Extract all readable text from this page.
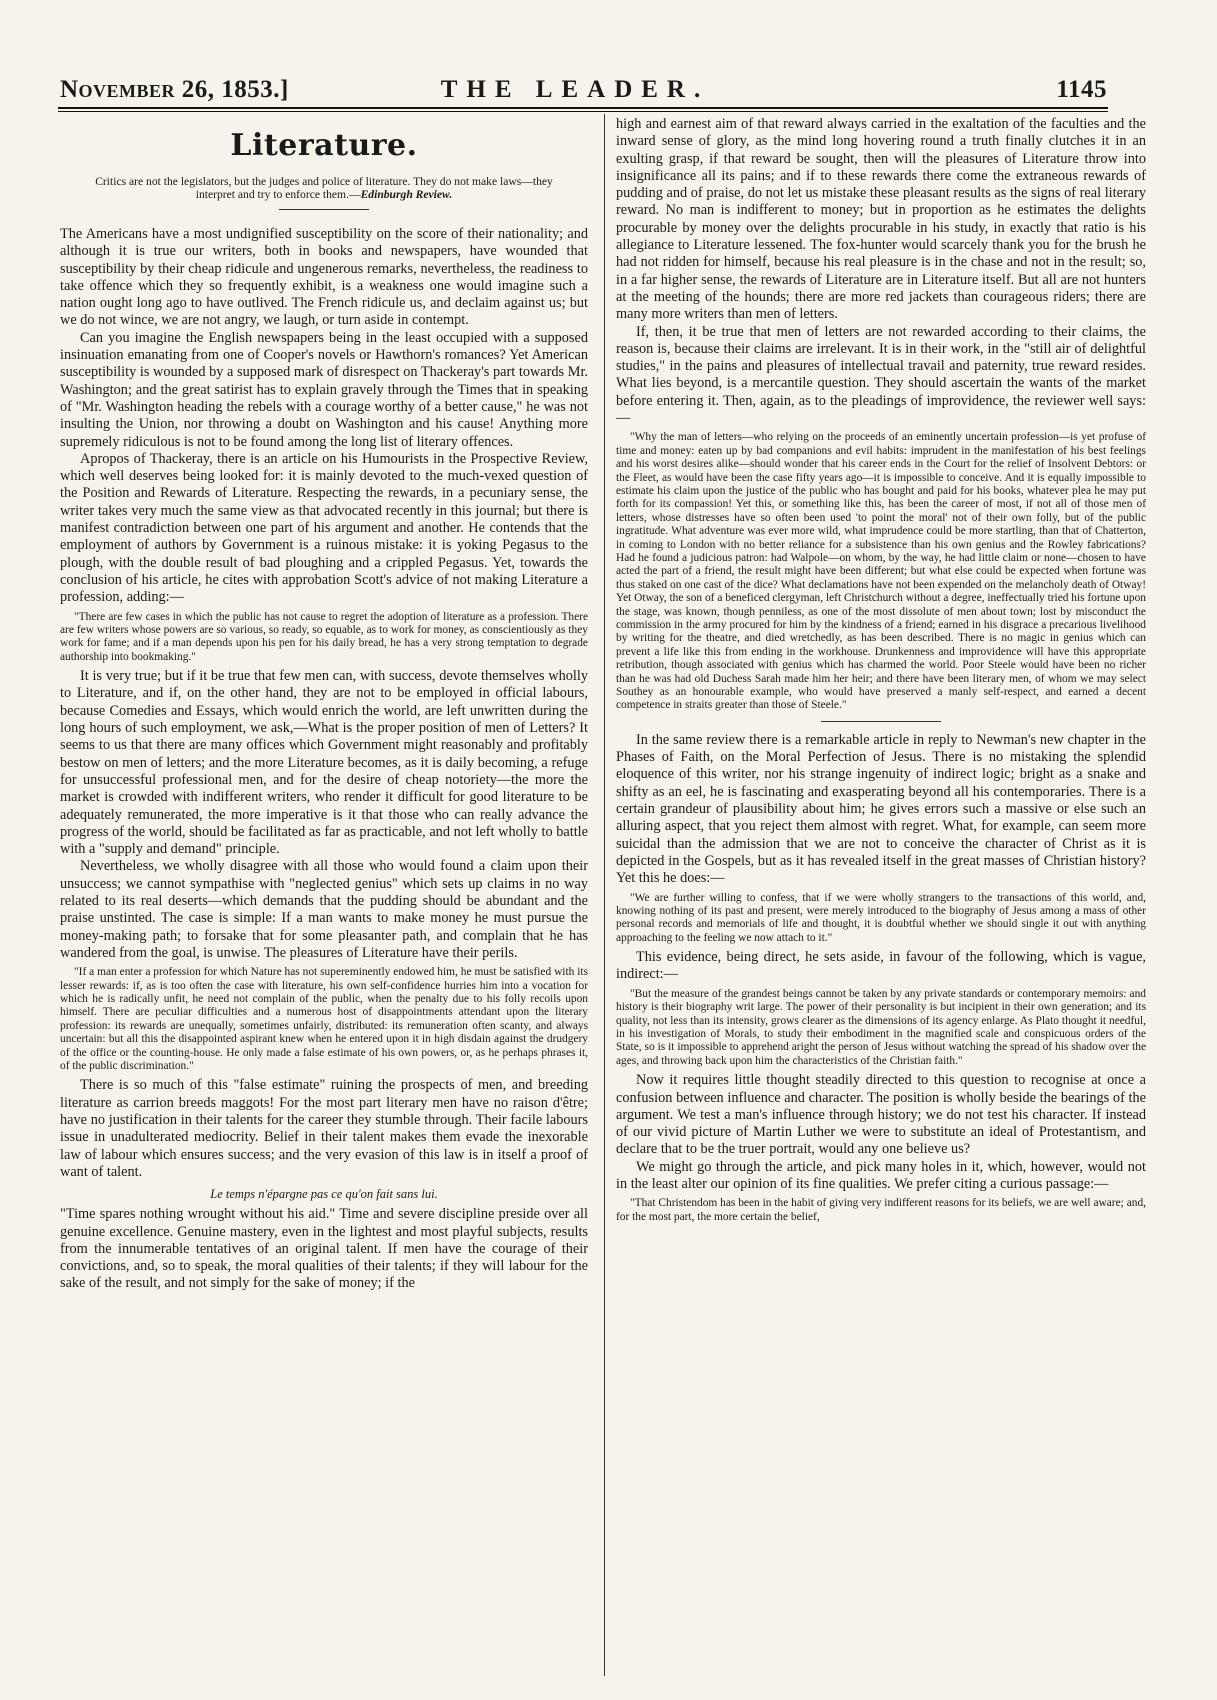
November 26, 1853.]	THE LEADER.	1145
Literature.
Critics are not the legislators, but the judges and police of literature. They do not make laws—they interpret and try to enforce them.—Edinburgh Review.

The Americans have a most undignified susceptibility on the score of their nationality; and although it is true our writers, both in books and newspapers, have wounded that susceptibility by their cheap ridicule and ungenerous remarks, nevertheless, the readiness to take offence which they so frequently exhibit, is a weakness one would imagine such a nation ought long ago to have outlived. The French ridicule us, and declaim against us; but we do not wince, we are not angry, we laugh, or turn aside in contempt.

Can you imagine the English newspapers being in the least occupied with a supposed insinuation emanating from one of Cooper's novels or Hawthorn's romances? Yet American susceptibility is wounded by a supposed mark of disrespect on Thackeray's part towards Mr. Washington; and the great satirist has to explain gravely through the Times that in speaking of "Mr. Washington heading the rebels with a courage worthy of a better cause," he was not insulting the Union, nor throwing a doubt on Washington and his cause! Anything more supremely ridiculous is not to be found among the long list of literary offences.

Apropos of Thackeray, there is an article on his Humourists in the Prospective Review, which well deserves being looked for: it is mainly devoted to the much-vexed question of the Position and Rewards of Literature. Respecting the rewards, in a pecuniary sense, the writer takes very much the same view as that advocated recently in this journal; but there is manifest contradiction between one part of his argument and another. He contends that the employment of authors by Government is a ruinous mistake: it is yoking Pegasus to the plough, with the double result of bad ploughing and a crippled Pegasus. Yet, towards the conclusion of his article, he cites with approbation Scott's advice of not making Literature a profession, adding:—

"There are few cases in which the public has not cause to regret the adoption of literature as a profession. There are few writers whose powers are so various, so ready, so equable, as to work for money, as conscientiously as they work for fame; and if a man depends upon his pen for his daily bread, he has a very strong temptation to degrade authorship into bookmaking."

It is very true; but if it be true that few men can, with success, devote themselves wholly to Literature, and if, on the other hand, they are not to be employed in official labours, because Comedies and Essays, which would enrich the world, are left unwritten during the long hours of such employment, we ask,—What is the proper position of men of Letters? It seems to us that there are many offices which Government might reasonably and profitably bestow on men of letters; and the more Literature becomes, as it is daily becoming, a refuge for unsuccessful professional men, and for the desire of cheap notoriety—the more the market is crowded with indifferent writers, who render it difficult for good literature to be adequately remunerated, the more imperative is it that those who can really advance the progress of the world, should be facilitated as far as practicable, and not left wholly to battle with a "supply and demand" principle.

Nevertheless, we wholly disagree with all those who would found a claim upon their unsuccess; we cannot sympathise with "neglected genius" which sets up claims in no way related to its real deserts—which demands that the pudding should be abundant and the praise unstinted. The case is simple: If a man wants to make money he must pursue the money-making path; to forsake that for some pleasanter path, and complain that he has wandered from the goal, is unwise. The pleasures of Literature have their perils.

"If a man enter a profession for which Nature has not supereminently endowed him, he must be satisfied with its lesser rewards: if, as is too often the case with literature, his own self-confidence hurries him into a vocation for which he is radically unfit, he need not complain of the public, when the penalty due to his folly recoils upon himself. There are peculiar difficulties and a numerous host of disappointments attendant upon the literary profession: its rewards are unequally, sometimes unfairly, distributed: its remuneration often scanty, and always uncertain: but all this the disappointed aspirant knew when he entered upon it in high disdain against the drudgery of the office or the counting-house. He only made a false estimate of his own powers, or, as he perhaps phrases it, of the public discrimination."

There is so much of this "false estimate" ruining the prospects of men, and breeding literature as carrion breeds maggots! For the most part literary men have no raison d'être; have no justification in their talents for the career they stumble through. Their facile labours issue in unadulterated mediocrity. Belief in their talent makes them evade the inexorable law of labour which ensures success; and the very evasion of this law is in itself a proof of want of talent.

Le temps n'épargne pas ce qu'on fait sans lui.

"Time spares nothing wrought without his aid." Time and severe discipline preside over all genuine excellence. Genuine mastery, even in the lightest and most playful subjects, results from the innumerable tentatives of an original talent. If men have the courage of their convictions, and, so to speak, the moral qualities of their talents; if they will labour for the sake of the result, and not simply for the sake of money; if the

high and earnest aim of that reward always carried in the exaltation of the faculties and the inward sense of glory, as the mind long hovering round a truth finally clutches it in an exulting grasp, if that reward be sought, then will the pleasures of Literature throw into insignificance all its pains; and if to these rewards there come the extraneous rewards of pudding and of praise, do not let us mistake these pleasant results as the signs of real literary reward. No man is indifferent to money; but in proportion as he estimates the delights procurable by money over the delights procurable in his study, in exactly that ratio is his allegiance to Literature lessened. The fox-hunter would scarcely thank you for the brush he had not ridden for himself, because his real pleasure is in the chase and not in the result; so, in a far higher sense, the rewards of Literature are in Literature itself. But all are not hunters at the meeting of the hounds; there are more red jackets than courageous riders; there are many more writers than men of letters.

If, then, it be true that men of letters are not rewarded according to their claims, the reason is, because their claims are irrelevant. It is in their work, in the "still air of delightful studies," in the pains and pleasures of intellectual travail and paternity, true reward resides. What lies beyond, is a mercantile question. They should ascertain the wants of the market before entering it. Then, again, as to the pleadings of improvidence, the reviewer well says:—

"Why the man of letters—who relying on the proceeds of an eminently uncertain profession—is yet profuse of time and money: eaten up by bad companions and evil habits: imprudent in the manifestation of his best feelings and his worst desires alike—should wonder that his career ends in the Court for the relief of Insolvent Debtors: or the Fleet, as would have been the case fifty years ago—it is impossible to conceive. And it is equally impossible to estimate his claim upon the justice of the public who has bought and paid for his books, whatever plea he may put forth for its compassion! Yet this, or something like this, has been the career of most, if not all of those men of letters, whose distresses have so often been used 'to point the moral' not of their own folly, but of the public ingratitude. What adventure was ever more wild, what imprudence could be more startling, than that of Chatterton, in coming to London with no better reliance for a subsistence than his own genius and the Rowley fabrications? Had he found a judicious patron: had Walpole—on whom, by the way, he had little claim or none—chosen to have acted the part of a friend, the result might have been different; but what else could be expected when fortune was thus staked on one cast of the dice? What declamations have not been expended on the melancholy death of Otway! Yet Otway, the son of a beneficed clergyman, left Christchurch without a degree, ineffectually tried his fortune upon the stage, was known, though penniless, as one of the most dissolute of men about town; lost by misconduct the commission in the army procured for him by the kindness of a friend; earned in his disgrace a precarious livelihood by writing for the theatre, and died wretchedly, as has been described. There is no magic in genius which can prevent a life like this from ending in the workhouse. Drunkenness and improvidence will have this appropriate retribution, though associated with genius which has charmed the world. Poor Steele would have been no richer than he was had old Duchess Sarah made him her heir; and there have been literary men, of whom we may select Southey as an honourable example, who would have preserved a manly self-respect, and earned a decent competence in straits greater than those of Steele."

In the same review there is a remarkable article in reply to Newman's new chapter in the Phases of Faith, on the Moral Perfection of Jesus. There is no mistaking the splendid eloquence of this writer, nor his strange ingenuity of indirect logic; bright as a snake and shifty as an eel, he is fascinating and exasperating beyond all his contemporaries. There is a certain grandeur of plausibility about him; he gives errors such a massive or else such an alluring aspect, that you reject them almost with regret. What, for example, can seem more suicidal than the admission that we are not to conceive the character of Christ as it is depicted in the Gospels, but as it has revealed itself in the great masses of Christian history? Yet this he does:—

"We are further willing to confess, that if we were wholly strangers to the transactions of this world, and, knowing nothing of its past and present, were merely introduced to the biography of Jesus among a mass of other personal records and memorials of life and thought, it is doubtful whether we should single it out with anything approaching to the feeling we now attach to it."

This evidence, being direct, he sets aside, in favour of the following, which is vague, indirect:—

"But the measure of the grandest beings cannot be taken by any private standards or contemporary memoirs: and history is their biography writ large. The power of their personality is but incipient in their own generation; and its quality, not less than its intensity, grows clearer as the dimensions of its agency enlarge. As Plato thought it needful, in his investigation of Morals, to study their embodiment in the magnified scale and conspicuous orders of the State, so is it impossible to apprehend aright the person of Jesus without watching the spread of his shadow over the ages, and throwing back upon him the characteristics of the Christian faith."

Now it requires little thought steadily directed to this question to recognise at once a confusion between influence and character. The position is wholly beside the bearings of the argument. We test a man's influence through history; we do not test his character. If instead of our vivid picture of Martin Luther we were to substitute an ideal of Protestantism, and declare that to be the truer portrait, would any one believe us?

We might go through the article, and pick many holes in it, which, however, would not in the least alter our opinion of its fine qualities. We prefer citing a curious passage:—

"That Christendom has been in the habit of giving very indifferent reasons for its beliefs, we are well aware; and, for the most part, the more certain the belief,
